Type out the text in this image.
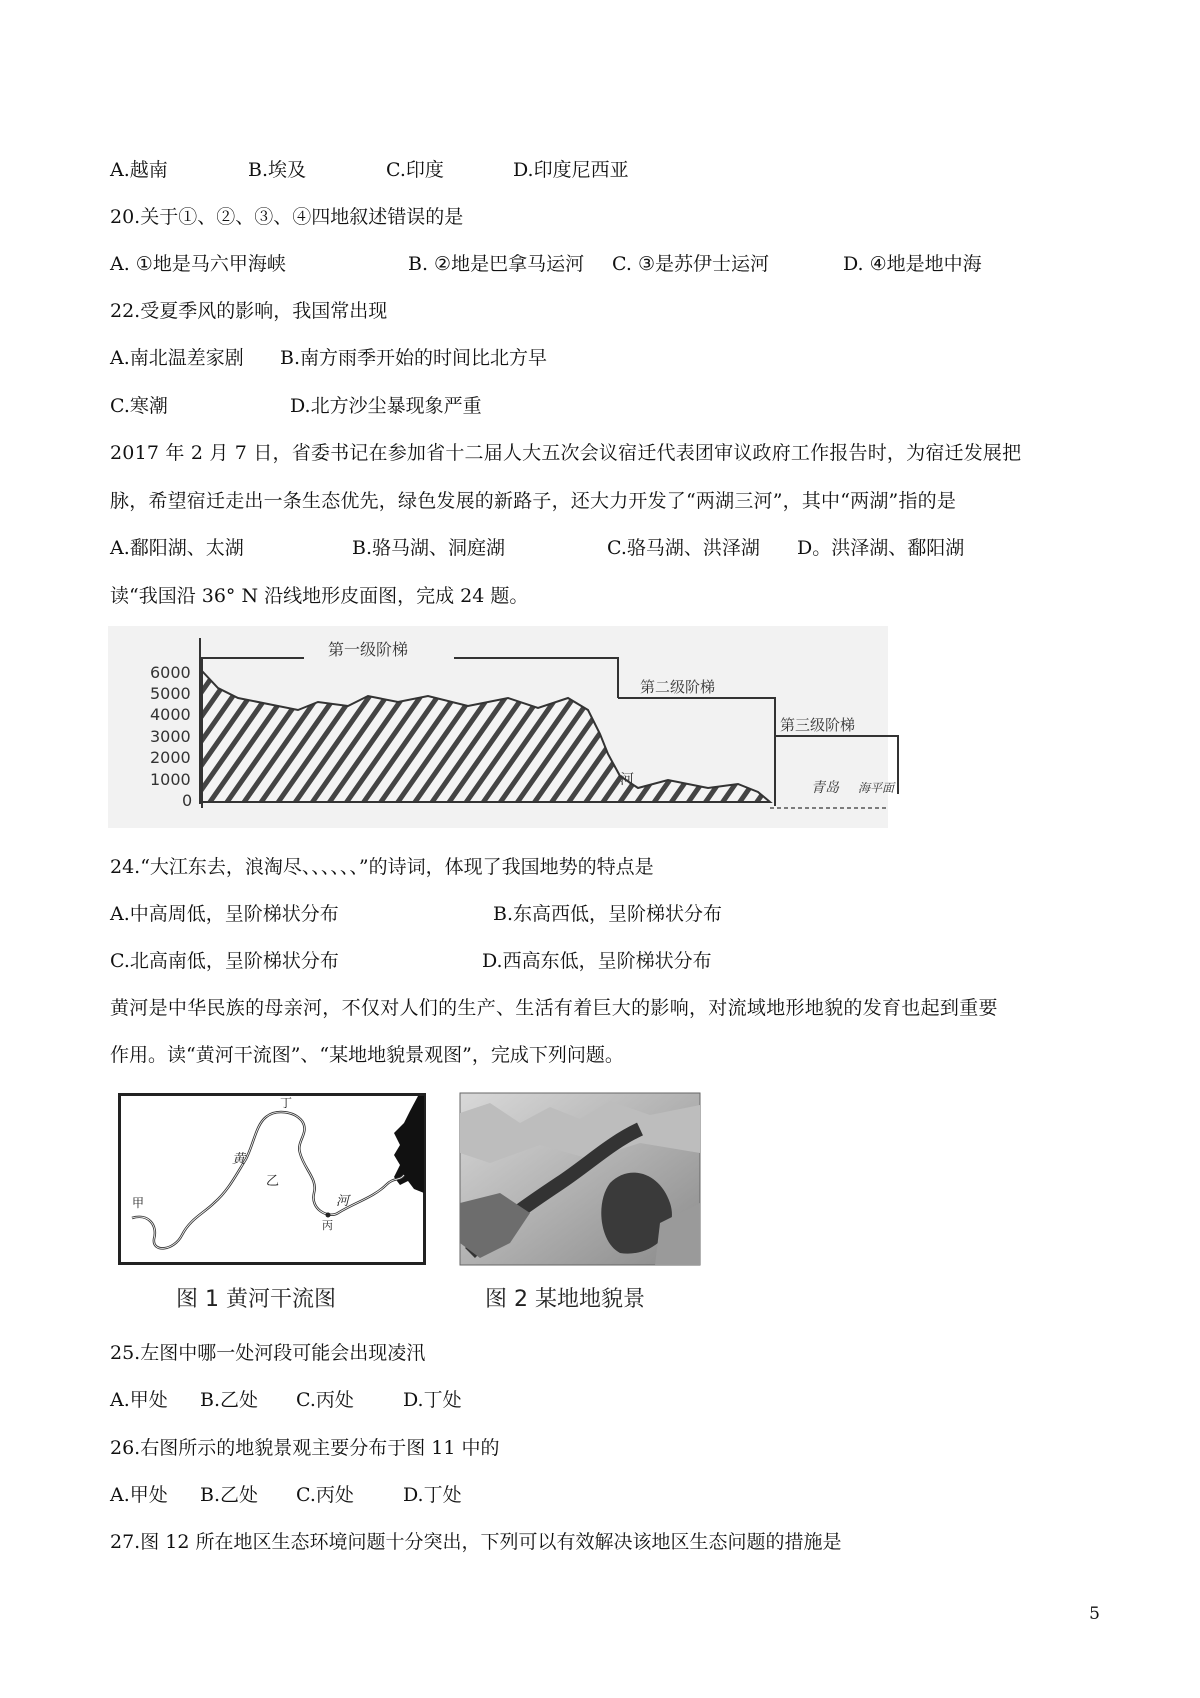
A.越南	B.埃及	C.印度	D.印度尼西亚
20.关于①、②、③、④四地叙述错误的是
A. ①地是马六甲海峡	B. ②地是巴拿马运河 C. ③是苏伊士运河	D. ④地是地中海
22.受夏季风的影响，我国常出现
A.南北温差家剧 B.南方雨季开始的时间比北方早
C.寒潮	D.北方沙尘暴现象严重
2017 年 2 月 7 日，省委书记在参加省十二届人大五次会议宿迁代表团审议政府工作报告时，为宿迁发展把
脉，希望宿迁走出一条生态优先，绿色发展的新路子，还大力开发了“两湖三河”，其中“两湖”指的是
A.鄱阳湖、太湖	B.骆马湖、洞庭湖	C.骆马湖、洪泽湖 D。洪泽湖、鄱阳湖
读“我国沿 36° N 沿线地形皮面图，完成 24 题。
6000
5000
4000
3000
2000
1000
0
第一级阶梯
第二级阶梯
第三级阶梯
河	青岛 海平面
24.“大江东去，浪淘尽、、、、、、”的诗词，体现了我国地势的特点是
A.中高周低，呈阶梯状分布	B.东高西低，呈阶梯状分布
C.北高南低，呈阶梯状分布	D.西高东低，呈阶梯状分布
黄河是中华民族的母亲河，不仅对人们的生产、生活有着巨大的影响，对流域地形地貌的发育也起到重要
作用。读“黄河干流图”、“某地地貌景观图”，完成下列问题。
甲
乙
丙
丁
黄
河
图 1 黄河干流图	图 2 某地地貌景
25.左图中哪一处河段可能会出现凌汛
A.甲处 B.乙处 C.丙处	D.丁处
26.右图所示的地貌景观主要分布于图 11 中的
A.甲处 B.乙处 C.丙处	D.丁处
27.图 12 所在地区生态环境问题十分突出，下列可以有效解决该地区生态问题的措施是
5
